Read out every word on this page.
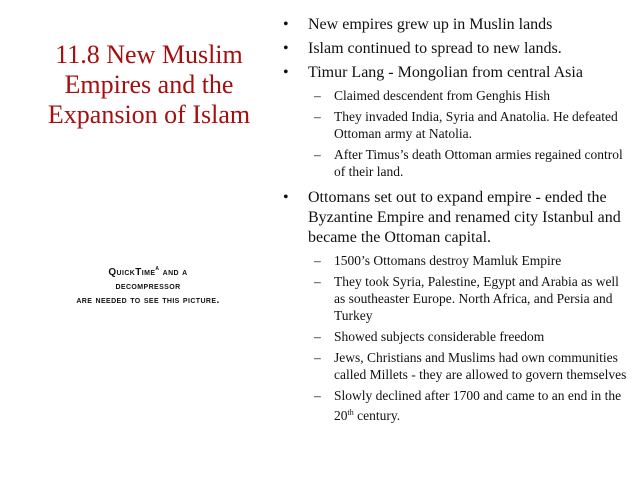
11.8 New Muslim
Empires and the
Expansion of Islam
QuickTime$^a$ and a
decompressor
are needed to see this picture.
• New empires grew up in Muslin lands
• Islam continued to spread to new lands.
• Timur Lang - Mongolian from central Asia
– Claimed descendent from Genghis Hish
– They invaded India, Syria and Anatolia. He defeated Ottoman army at Natolia.
– After Timus’s death Ottoman armies regained control of their land.
• Ottomans set out to expand empire - ended the Byzantine Empire and renamed city Istanbul and became the Ottoman capital.
– 1500’s Ottomans destroy Mamluk Empire
– They took Syria, Palestine, Egypt and Arabia as well as southeaster Europe. North Africa, and Persia and Turkey
– Showed subjects considerable freedom
– Jews, Christians and Muslims had own communities called Millets - they are allowed to govern themselves
– Slowly declined after 1700 and came to an end in the 20th century.
